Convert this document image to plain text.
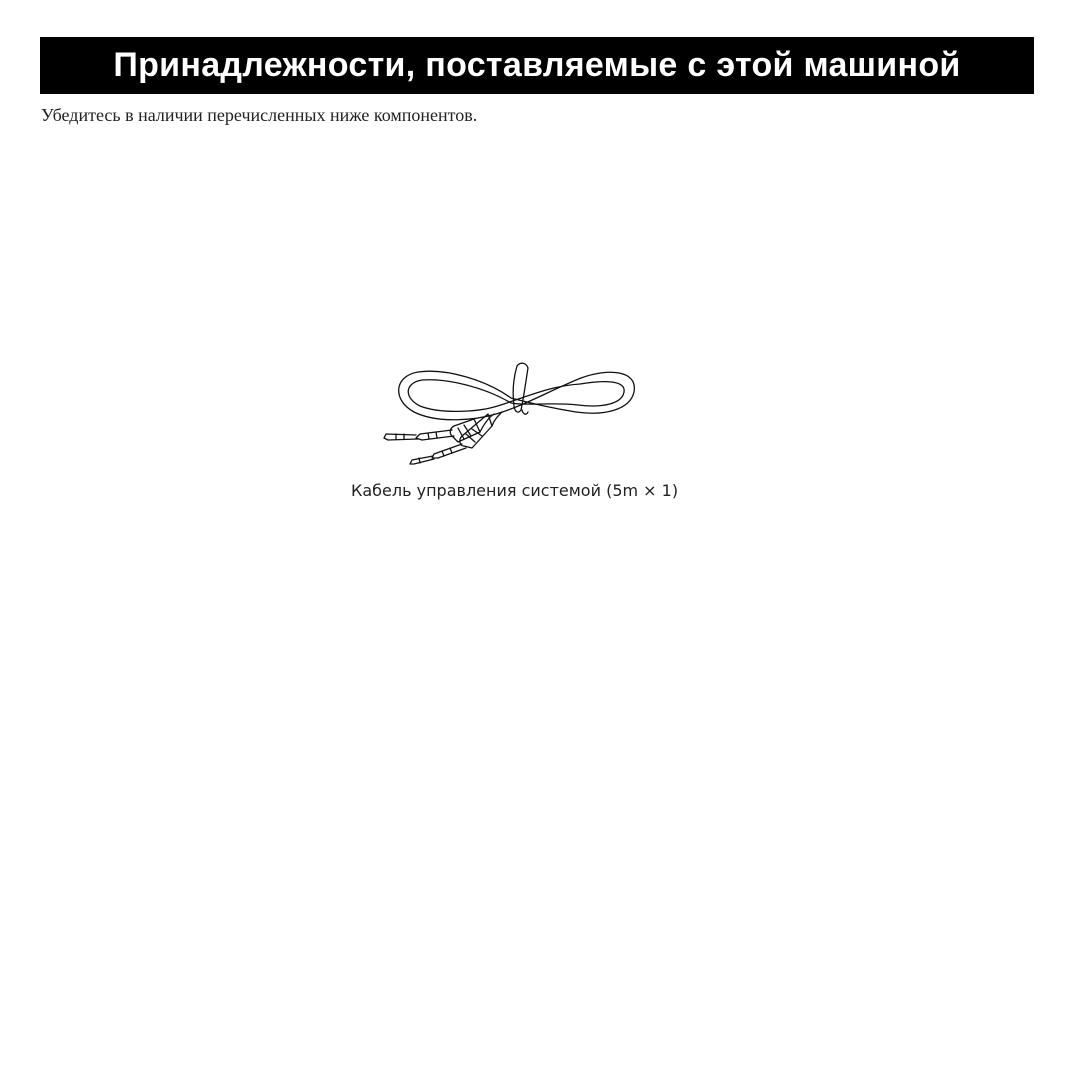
Принадлежности, поставляемые с этой машиной
Убедитесь в наличии перечисленных ниже компонентов.
Кабель управления системой (5m × 1)
